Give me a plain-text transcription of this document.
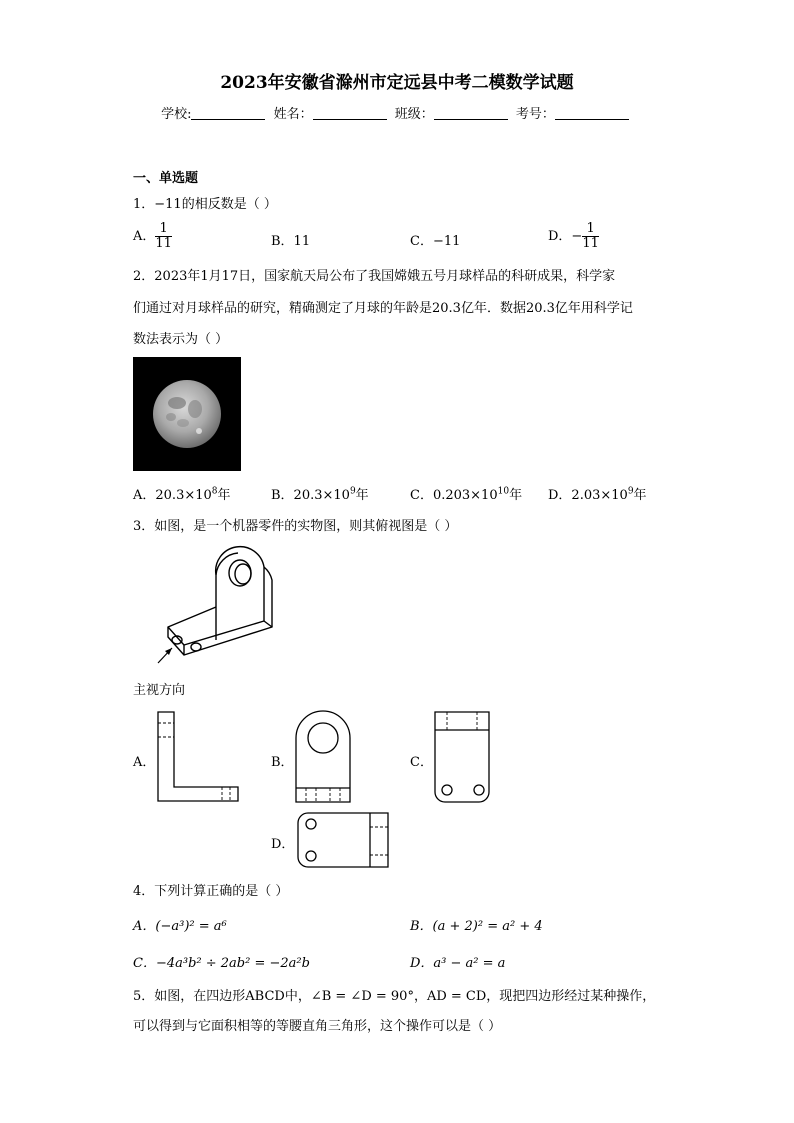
2023年安徽省滁州市定远县中考二模数学试题
学校:	姓名：	班级：	考号：
一、单选题
1．−11的相反数是（ ）
A． $\frac{1}{11}$	B．11	C．−11	D．− $\frac{1}{11}$
2．2023年1月17日，国家航天局公布了我国嫦娥五号月球样品的科研成果，科学家
们通过对月球样品的研究，精确测定了月球的年龄是20.3亿年．数据20.3亿年用科学记
数法表示为（ ）
A．$20.3\times 10^8$年	B．$20.3\times 10^9$年	C．$0.203\times 10^{10}$年 D．$2.03\times 10^9$年
3．如图，是一个机器零件的实物图，则其俯视图是（ ）
主视方向
A．	B．	C．
D．
4．下列计算正确的是（ ）
A．(−a³)² = a⁶	B．(a + 2)² = a² + 4
C．−4a³b² ÷ 2ab² = −2a²b	D．a³ − a² = a
5．如图，在四边形ABCD中，∠B = ∠D = 90°，AD = CD，现把四边形经过某种操作，
可以得到与它面积相等的等腰直角三角形，这个操作可以是（ ）
